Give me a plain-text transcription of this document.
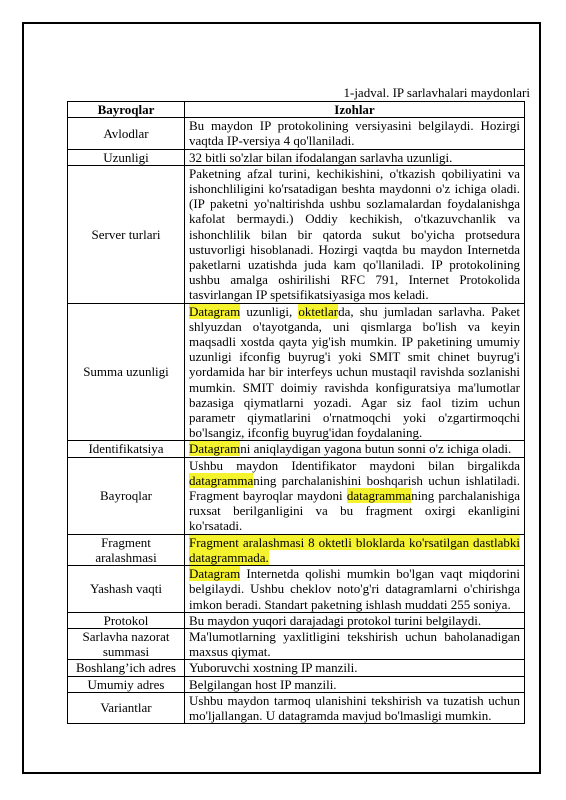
1-jadval. IP sarlavhalari maydonlari
Bayroqlar	Izohlar
Avlodlar	Bu maydon IP protokolining versiyasini belgilaydi. Hozirgi vaqtda IP-versiya 4 qo'llaniladi.
Uzunligi	32 bitli so'zlar bilan ifodalangan sarlavha uzunligi.
Server turlari	Paketning afzal turini, kechikishini, o'tkazish qobiliyatini va ishonchliligini ko'rsatadigan beshta maydonni o'z ichiga oladi. (IP paketni yo'naltirishda ushbu sozlamalardan foydalanishga kafolat bermaydi.) Oddiy kechikish, o'tkazuvchanlik va ishonchlilik bilan bir qatorda sukut bo'yicha protsedura ustuvorligi hisoblanadi. Hozirgi vaqtda bu maydon Internetda paketlarni uzatishda juda kam qo'llaniladi. IP protokolining ushbu amalga oshirilishi RFC 791, Internet Protokolida tasvirlangan IP spetsifikatsiyasiga mos keladi.
Summa uzunligi	Datagram uzunligi, oktetlarda, shu jumladan sarlavha. Paket shlyuzdan o'tayotganda, uni qismlarga bo'lish va keyin maqsadli xostda qayta yig'ish mumkin. IP paketining umumiy uzunligi ifconfig buyrug'i yoki SMIT smit chinet buyrug'i yordamida har bir interfeys uchun mustaqil ravishda sozlanishi mumkin. SMIT doimiy ravishda konfiguratsiya ma'lumotlar bazasiga qiymatlarni yozadi. Agar siz faol tizim uchun parametr qiymatlarini o'rnatmoqchi yoki o'zgartirmoqchi bo'lsangiz, ifconfig buyrug'idan foydalaning.
Identifikatsiya	Datagramni aniqlaydigan yagona butun sonni o'z ichiga oladi.
Bayroqlar	Ushbu maydon Identifikator maydoni bilan birgalikda datagrammaning parchalanishini boshqarish uchun ishlatiladi. Fragment bayroqlar maydoni datagrammaning parchalanishiga ruxsat berilganligini va bu fragment oxirgi ekanligini ko'rsatadi.
Fragment aralashmasi	Fragment aralashmasi 8 oktetli bloklarda ko'rsatilgan dastlabki datagrammada.
Yashash vaqti	Datagram Internetda qolishi mumkin bo'lgan vaqt miqdorini belgilaydi. Ushbu cheklov noto'g'ri datagramlarni o'chirishga imkon beradi. Standart paketning ishlash muddati 255 soniya.
Protokol	Bu maydon yuqori darajadagi protokol turini belgilaydi.
Sarlavha nazorat summasi	Ma'lumotlarning yaxlitligini tekshirish uchun baholanadigan maxsus qiymat.
Boshlang’ich adres	Yuboruvchi xostning IP manzili.
Umumiy adres	Belgilangan host IP manzili.
Variantlar	Ushbu maydon tarmoq ulanishini tekshirish va tuzatish uchun mo'ljallangan. U datagramda mavjud bo'lmasligi mumkin.
